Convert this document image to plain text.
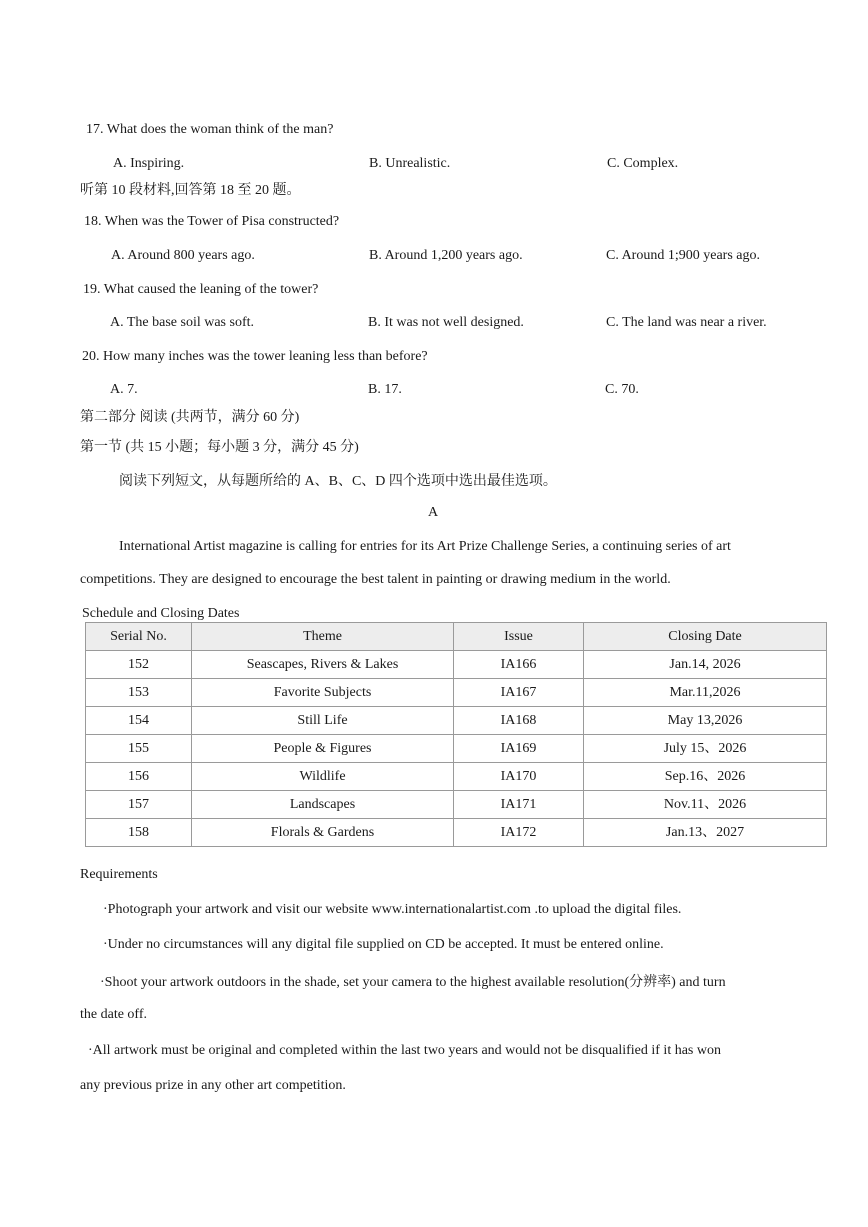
17. What does the woman think of the man?
A. Inspiring.	B. Unrealistic.	C. Complex.
听第 10 段材料,回答第 18 至 20 题。
18. When was the Tower of Pisa constructed?
A. Around 800 years ago.	B. Around 1,200 years ago.	C. Around 1;900 years ago.
19. What caused the leaning of the tower?
A. The base soil was soft.	B. It was not well designed.	C. The land was near a river.
20. How many inches was the tower leaning less than before?
A. 7.	B. 17.	C. 70.
第二部分 阅读 (共两节，满分 60 分)
第一节 (共 15 小题；每小题 3 分，满分 45 分)
阅读下列短文，从每题所给的 A、B、C、D 四个选项中选出最佳选项。
A
International Artist magazine is calling for entries for its Art Prize Challenge Series, a continuing series of art
competitions. They are designed to encourage the best talent in painting or drawing medium in the world.
Schedule and Closing Dates
Serial No.	Theme	Issue	Closing Date
152	Seascapes, Rivers & Lakes	IA166	Jan.14, 2026
153	Favorite Subjects	IA167	Mar.11,2026
154	Still Life	IA168	May 13,2026
155	People & Figures	IA169	July 15、2026
156	Wildlife	IA170	Sep.16、2026
157	Landscapes	IA171	Nov.11、2026
158	Florals & Gardens	IA172	Jan.13、2027
Requirements
·Photograph your artwork and visit our website www.internationalartist.com .to upload the digital files.
·Under no circumstances will any digital file supplied on CD be accepted. It must be entered online.
·Shoot your artwork outdoors in the shade, set your camera to the highest available resolution(分辨率) and turn
the date off.
·All artwork must be original and completed within the last two years and would not be disqualified if it has won
any previous prize in any other art competition.
